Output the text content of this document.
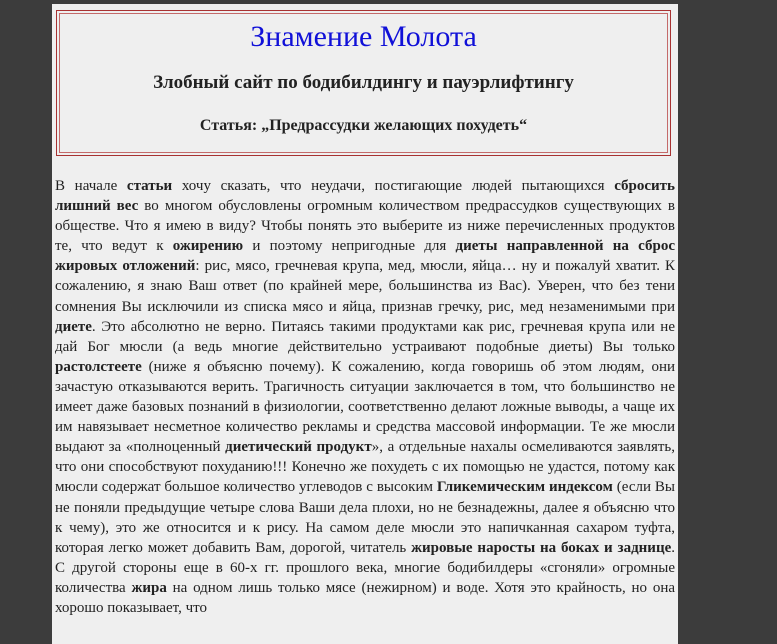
Знамение Молота
Злобный сайт по бодибилдингу и пауэрлифтингу
Статья: „Предрассудки желающих похудеть“

В начале статьи хочу сказать, что неудачи, постигающие людей пытающихся сбросить лишний вес во многом обусловлены огромным количеством предрассудков существующих в обществе. Что я имею в виду? Чтобы понять это выберите из ниже перечисленных продуктов те, что ведут к ожирению и поэтому непригодные для диеты направленной на сброс жировых отложений: рис, мясо, гречневая крупа, мед, мюсли, яйца… ну и пожалуй хватит. К сожалению, я знаю Ваш ответ (по крайней мере, большинства из Вас). Уверен, что без тени сомнения Вы исключили из списка мясо и яйца, признав гречку, рис, мед незаменимыми при диете. Это абсолютно не верно. Питаясь такими продуктами как рис, гречневая крупа или не дай Бог мюсли (а ведь многие действительно устраивают подобные диеты) Вы только растолстеете (ниже я объясню почему). К сожалению, когда говоришь об этом людям, они зачастую отказываются верить. Трагичность ситуации заключается в том, что большинство не имеет даже базовых познаний в физиологии, соответственно делают ложные выводы, а чаще их им навязывает несметное количество рекламы и средства массовой информации. Те же мюсли выдают за «полноценный диетический продукт», а отдельные нахалы осмеливаются заявлять, что они способствуют похуданию!!! Конечно же похудеть с их помощью не удастся, потому как мюсли содержат большое количество углеводов с высоким Гликемическим индексом (если Вы не поняли предыдущие четыре слова Ваши дела плохи, но не безнадежны, далее я объясню что к чему), это же относится и к рису. На самом деле мюсли это напичканная сахаром туфта, которая легко может добавить Вам, дорогой, читатель жировые наросты на боках и заднице. С другой стороны еще в 60-х гг. прошлого века, многие бодибилдеры «сгоняли» огромные количества жира на одном лишь только мясе (нежирном) и воде. Хотя это крайность, но она хорошо показывает, что
